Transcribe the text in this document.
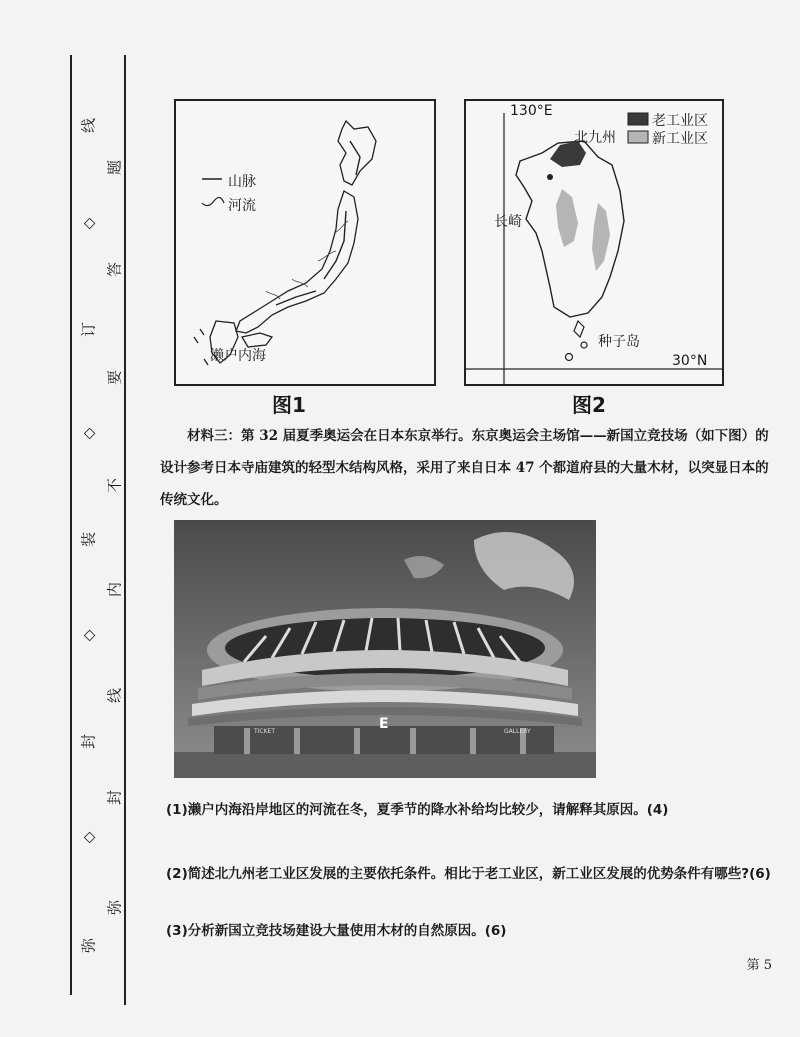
线
◇
订
◇
装
◇
封
◇
弥
题
答
要
不
内
线
封
弥
山脉
河流
濑户内海
图1
130°E
老工业区
新工业区
北九州
长崎
种子岛
30°N
图2
材料三：第 32 届夏季奥运会在日本东京举行。东京奥运会主场馆——新国立竞技场（如下图）的设计参考日本寺庙建筑的轻型木结构风格，采用了来自日本 47 个都道府县的大量木材，以突显日本的传统文化。
E
TICKET	GALLERY
(1)濑户内海沿岸地区的河流在冬，夏季节的降水补给均比较少，请解释其原因。(4)
(2)简述北九州老工业区发展的主要依托条件。相比于老工业区，新工业区发展的优势条件有哪些?(6)
(3)分析新国立竞技场建设大量使用木材的自然原因。(6)
第 5
